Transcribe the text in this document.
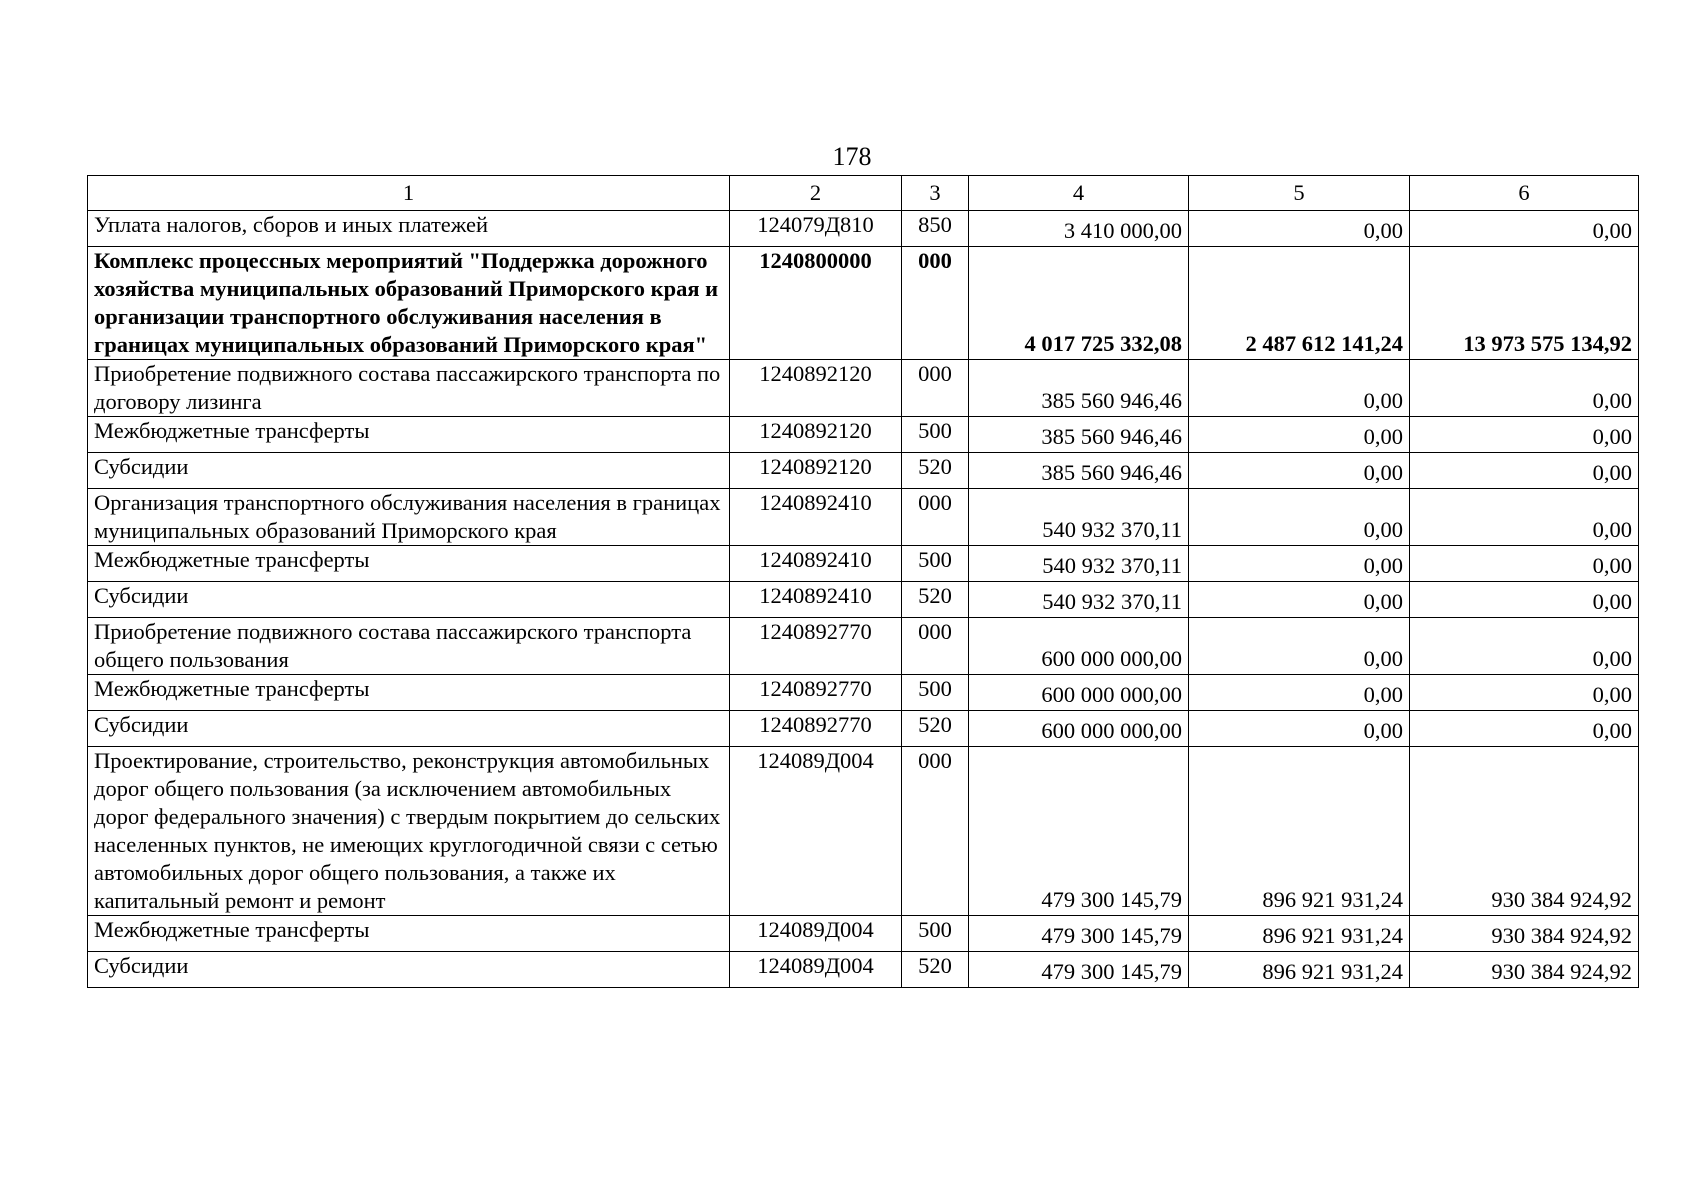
178
1	2	3	4	5	6
Уплата налогов, сборов и иных платежей	124079Д810	850	3 410 000,00	0,00	0,00
Комплекс процессных мероприятий "Поддержка дорожного хозяйства муниципальных образований Приморского края и организации транспортного обслуживания населения в границах муниципальных образований Приморского края"	1240800000	000	4 017 725 332,08	2 487 612 141,24	13 973 575 134,92
Приобретение подвижного состава пассажирского транспорта по договору лизинга	1240892120	000	385 560 946,46	0,00	0,00
Межбюджетные трансферты	1240892120	500	385 560 946,46	0,00	0,00
Субсидии	1240892120	520	385 560 946,46	0,00	0,00
Организация транспортного обслуживания населения в границах муниципальных образований Приморского края	1240892410	000	540 932 370,11	0,00	0,00
Межбюджетные трансферты	1240892410	500	540 932 370,11	0,00	0,00
Субсидии	1240892410	520	540 932 370,11	0,00	0,00
Приобретение подвижного состава пассажирского транспорта общего пользования	1240892770	000	600 000 000,00	0,00	0,00
Межбюджетные трансферты	1240892770	500	600 000 000,00	0,00	0,00
Субсидии	1240892770	520	600 000 000,00	0,00	0,00
Проектирование, строительство, реконструкция автомобильных дорог общего пользования (за исключением автомобильных дорог федерального значения) с твердым покрытием до сельских населенных пунктов, не имеющих круглогодичной связи с сетью автомобильных дорог общего пользования, а также их капитальный ремонт и ремонт	124089Д004	000	479 300 145,79	896 921 931,24	930 384 924,92
Межбюджетные трансферты	124089Д004	500	479 300 145,79	896 921 931,24	930 384 924,92
Субсидии	124089Д004	520	479 300 145,79	896 921 931,24	930 384 924,92
